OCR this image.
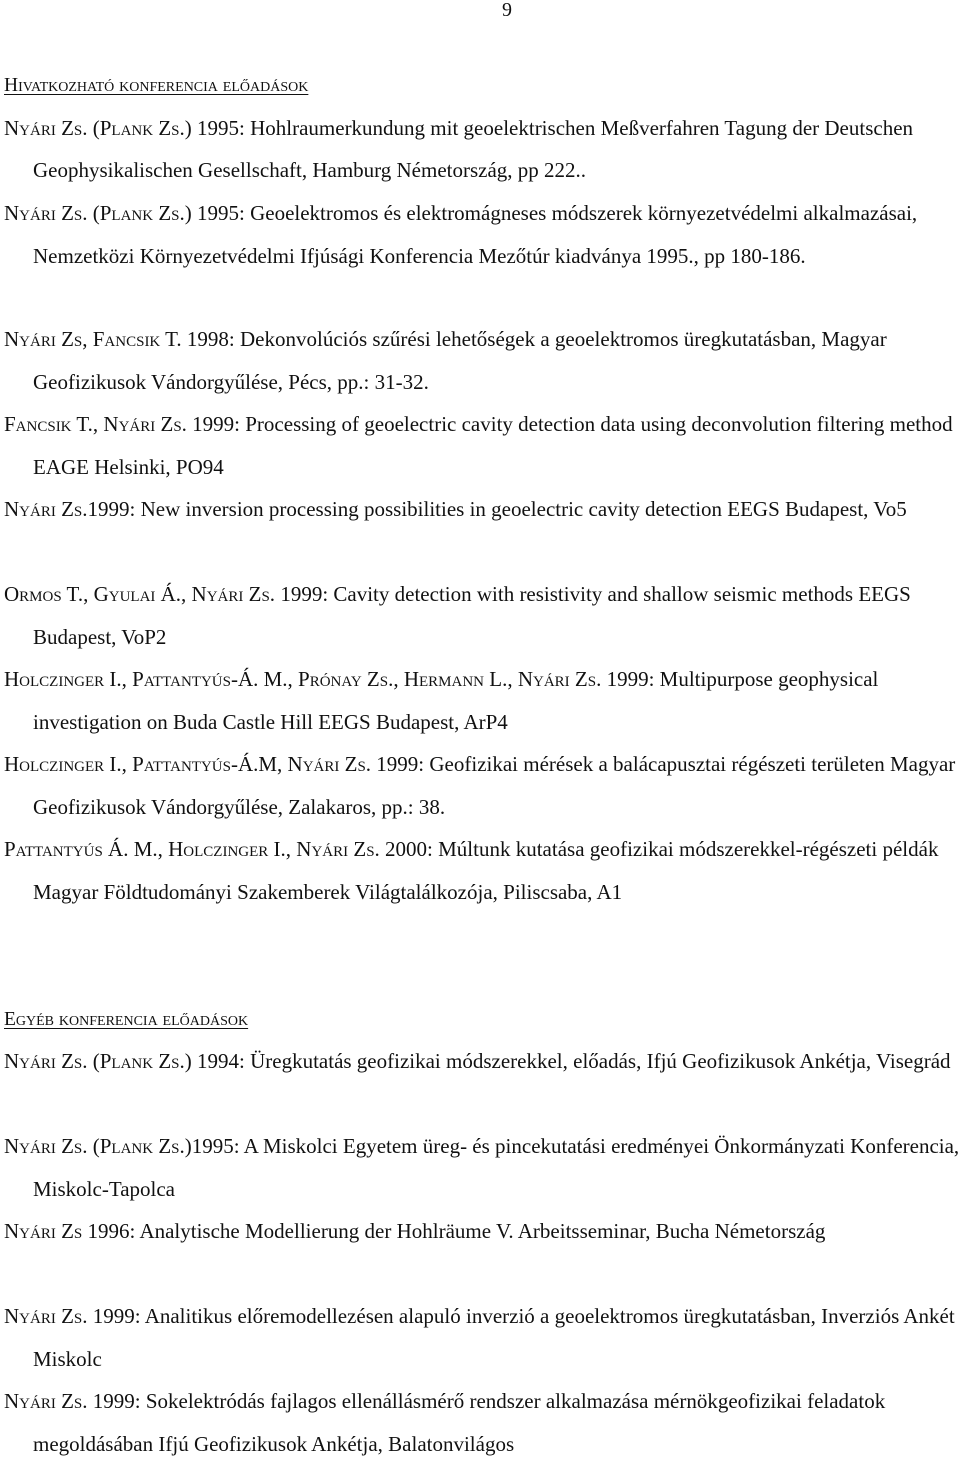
9
Hivatkozható konferencia előadások
Nyári Zs. (Plank Zs.) 1995: Hohlraumerkundung mit geoelektrischen Meßverfahren Tagung der Deutschen Geophysikalischen Gesellschaft, Hamburg Németország, pp 222..
Nyári Zs. (Plank Zs.) 1995: Geoelektromos és elektromágneses módszerek környezetvédelmi alkalmazásai, Nemzetközi Környezetvédelmi Ifjúsági Konferencia Mezőtúr kiadványa 1995., pp 180-186.
Nyári Zs, Fancsik T. 1998: Dekonvolúciós szűrési lehetőségek a geoelektromos üregkutatásban, Magyar Geofizikusok Vándorgyűlése, Pécs, pp.: 31-32.
Fancsik T., Nyári Zs. 1999: Processing of geoelectric cavity detection data using deconvolution filtering method EAGE Helsinki, PO94
Nyári Zs.1999: New inversion processing possibilities in geoelectric cavity detection EEGS Budapest, Vo5
Ormos T., Gyulai Á., Nyári Zs. 1999: Cavity detection with resistivity and shallow seismic methods EEGS Budapest, VoP2
Holczinger I., Pattantyús-Á. M., Prónay Zs., Hermann L., Nyári Zs. 1999: Multipurpose geophysical investigation on Buda Castle Hill EEGS Budapest, ArP4
Holczinger I., Pattantyús-Á.M, Nyári Zs. 1999: Geofizikai mérések a balácapusztai régészeti területen Magyar Geofizikusok Vándorgyűlése, Zalakaros, pp.: 38.
Pattantyús Á. M., Holczinger I., Nyári Zs. 2000: Múltunk kutatása geofizikai módszerekkel-régészeti példák Magyar Földtudományi Szakemberek Világtalálkozója, Piliscsaba, A1
Egyéb konferencia előadások
Nyári Zs. (Plank Zs.) 1994: Üregkutatás geofizikai módszerekkel, előadás, Ifjú Geofizikusok Ankétja, Visegrád
Nyári Zs. (Plank Zs.)1995: A Miskolci Egyetem üreg- és pincekutatási eredményei Önkormányzati Konferencia, Miskolc-Tapolca
Nyári Zs 1996: Analytische Modellierung der Hohlräume V. Arbeitsseminar, Bucha Németország
Nyári Zs. 1999: Analitikus előremodellezésen alapuló inverzió a geoelektromos üregkutatásban, Inverziós Ankét Miskolc
Nyári Zs. 1999: Sokelektródás fajlagos ellenállásmérő rendszer alkalmazása mérnökgeofizikai feladatok megoldásában Ifjú Geofizikusok Ankétja, Balatonvilágos
